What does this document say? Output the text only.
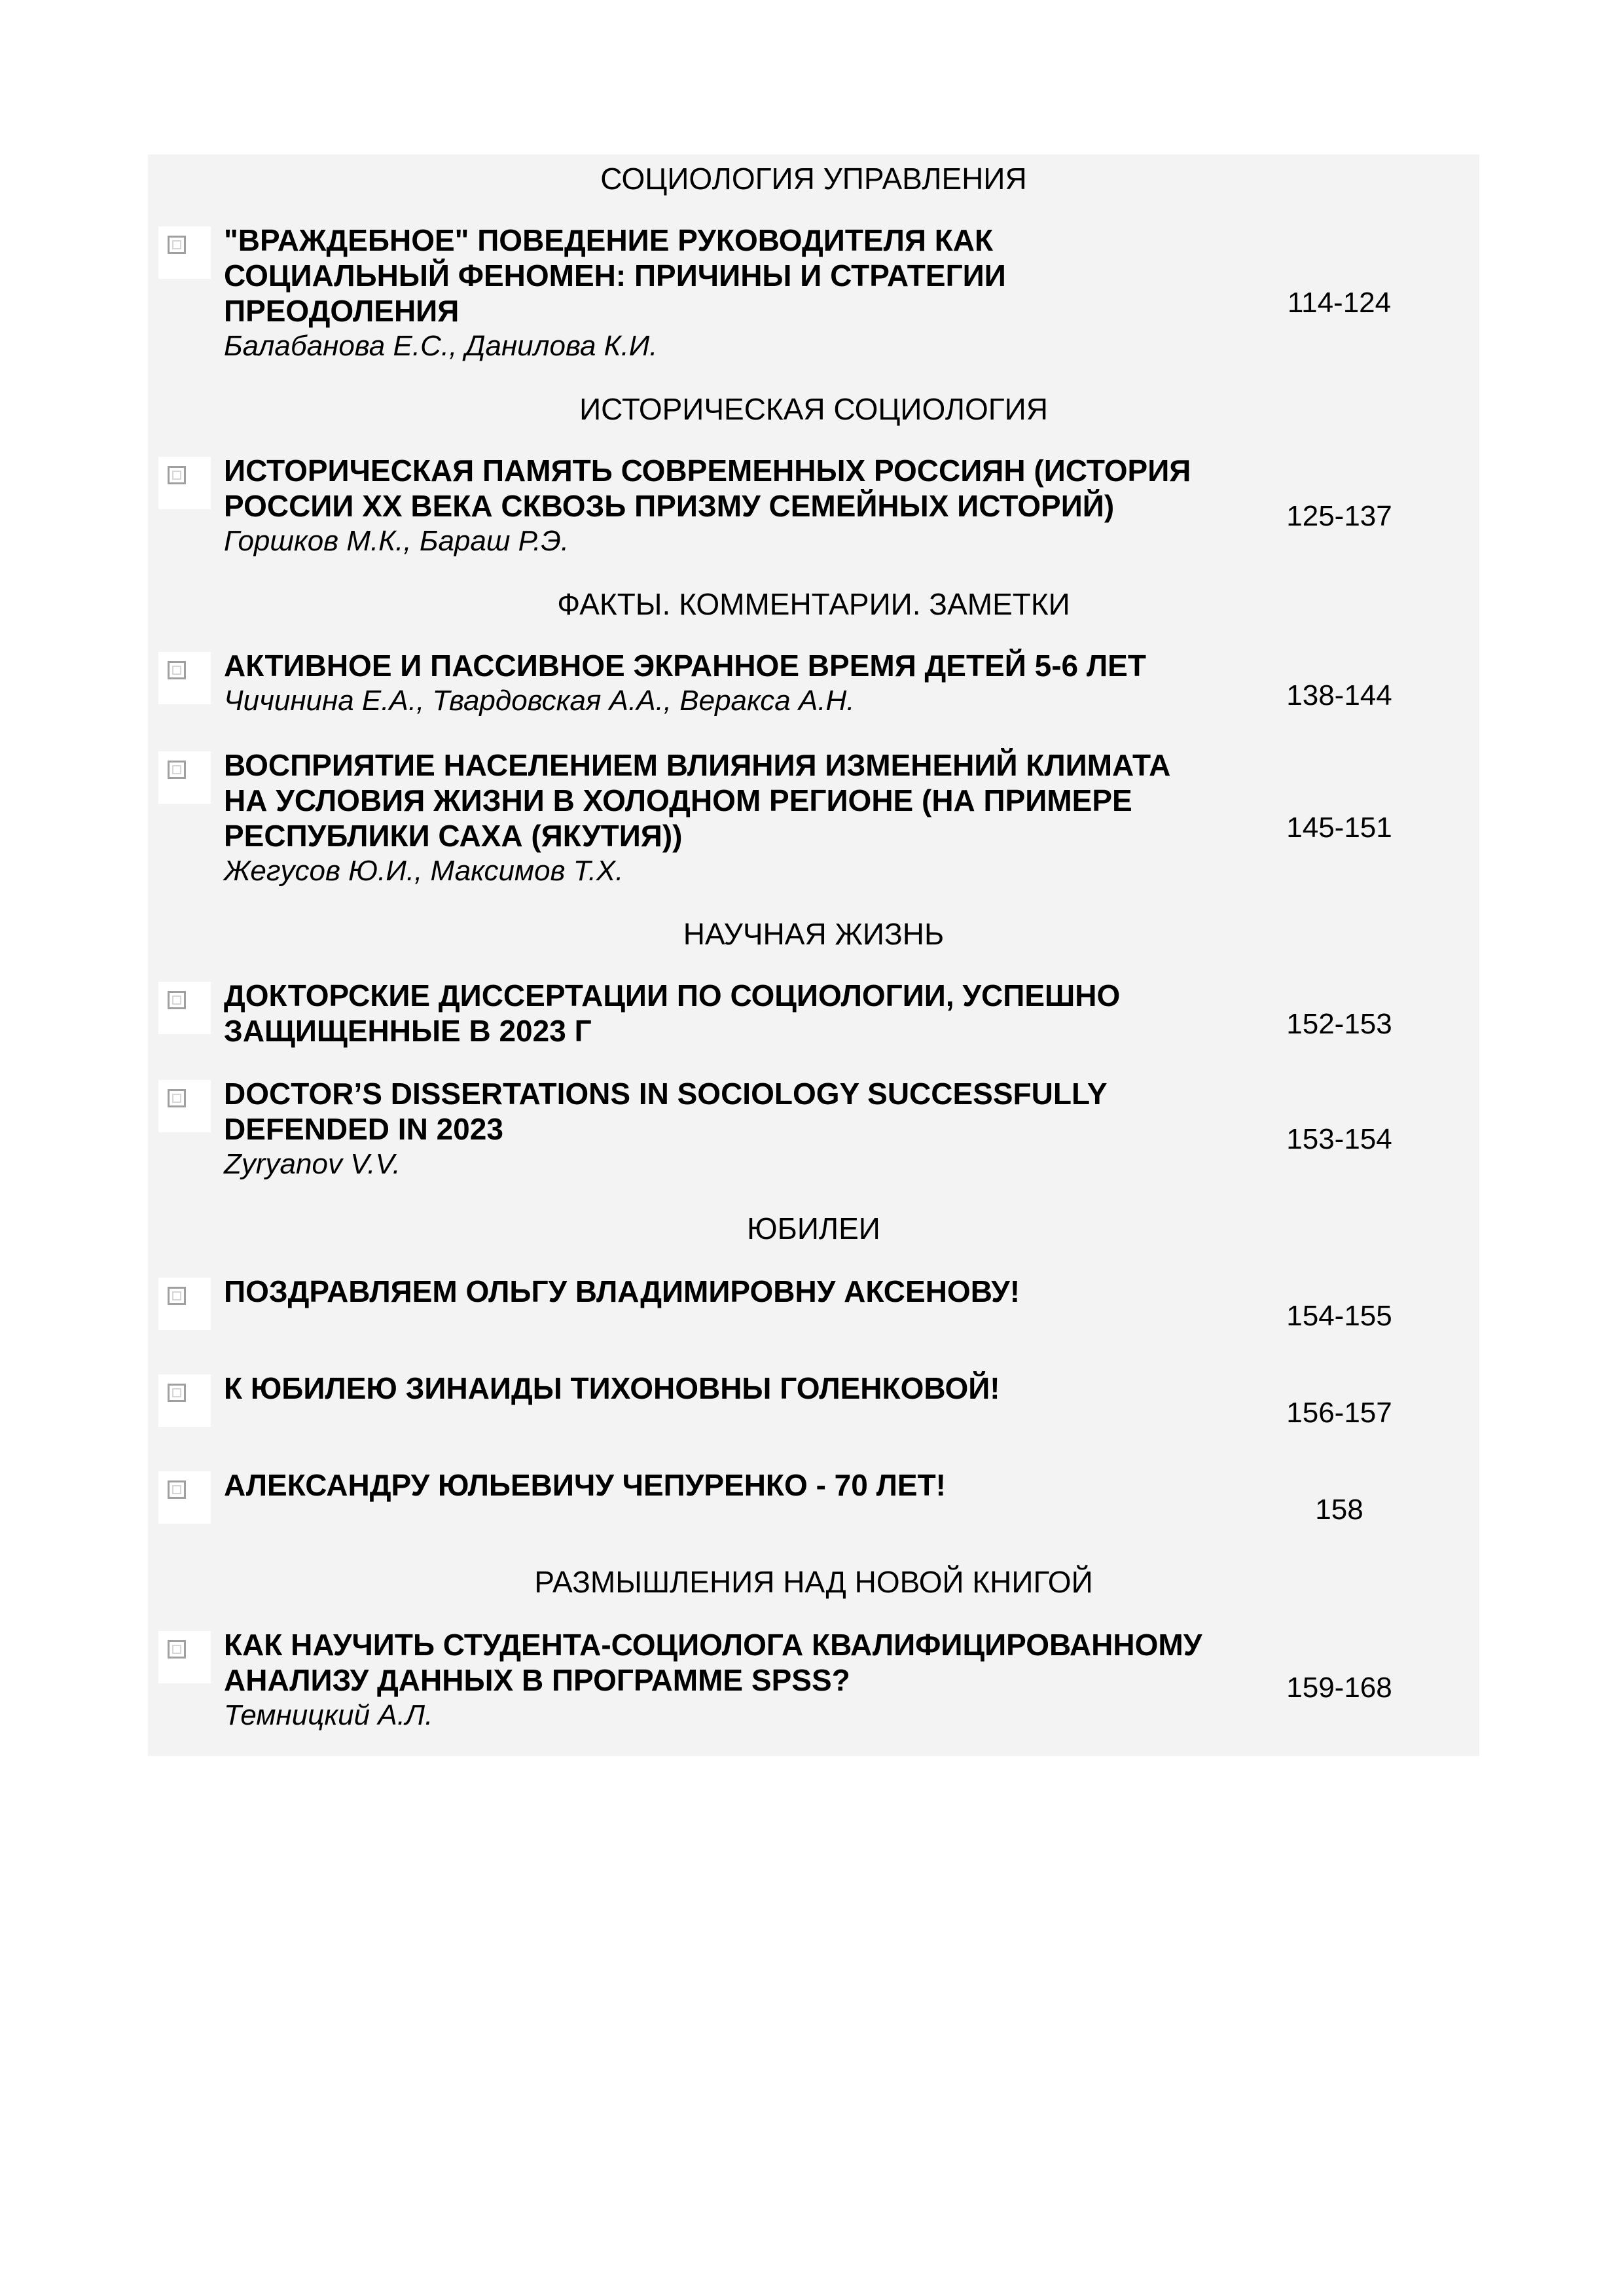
СОЦИОЛОГИЯ УПРАВЛЕНИЯ
"ВРАЖДЕБНОЕ" ПОВЕДЕНИЕ РУКОВОДИТЕЛЯ КАК
СОЦИАЛЬНЫЙ ФЕНОМЕН: ПРИЧИНЫ И СТРАТЕГИИ
ПРЕОДОЛЕНИЯ
Балабанова Е.С., Данилова К.И.
114-124
ИСТОРИЧЕСКАЯ СОЦИОЛОГИЯ
ИСТОРИЧЕСКАЯ ПАМЯТЬ СОВРЕМЕННЫХ РОССИЯН (ИСТОРИЯ
РОССИИ XX ВЕКА СКВОЗЬ ПРИЗМУ СЕМЕЙНЫХ ИСТОРИЙ)
Горшков М.К., Бараш Р.Э.
125-137
ФАКТЫ. КОММЕНТАРИИ. ЗАМЕТКИ
АКТИВНОЕ И ПАССИВНОЕ ЭКРАННОЕ ВРЕМЯ ДЕТЕЙ 5-6 ЛЕТ
Чичинина Е.А., Твардовская А.А., Веракса А.Н.	138-144
ВОСПРИЯТИЕ НАСЕЛЕНИЕМ ВЛИЯНИЯ ИЗМЕНЕНИЙ КЛИМАТА
НА УСЛОВИЯ ЖИЗНИ В ХОЛОДНОМ РЕГИОНЕ (НА ПРИМЕРЕ
РЕСПУБЛИКИ САХА (ЯКУТИЯ))
Жегусов Ю.И., Максимов Т.Х.
145-151
НАУЧНАЯ ЖИЗНЬ
ДОКТОРСКИЕ ДИССЕРТАЦИИ ПО СОЦИОЛОГИИ, УСПЕШНО
ЗАЩИЩЕННЫЕ В 2023 Г	152-153
DOCTOR’S DISSERTATIONS IN SOCIOLOGY SUCCESSFULLY
DEFENDED IN 2023
Zyryanov V.V.
153-154
ЮБИЛЕИ
ПОЗДРАВЛЯЕМ ОЛЬГУ ВЛАДИМИРОВНУ АКСЕНОВУ!
154-155
К ЮБИЛЕЮ ЗИНАИДЫ ТИХОНОВНЫ ГОЛЕНКОВОЙ!
156-157
АЛЕКСАНДРУ ЮЛЬЕВИЧУ ЧЕПУРЕНКО - 70 ЛЕТ!
158
РАЗМЫШЛЕНИЯ НАД НОВОЙ КНИГОЙ
КАК НАУЧИТЬ СТУДЕНТА-СОЦИОЛОГА КВАЛИФИЦИРОВАННОМУ
АНАЛИЗУ ДАННЫХ В ПРОГРАММЕ SPSS?
Темницкий А.Л.
159-168
